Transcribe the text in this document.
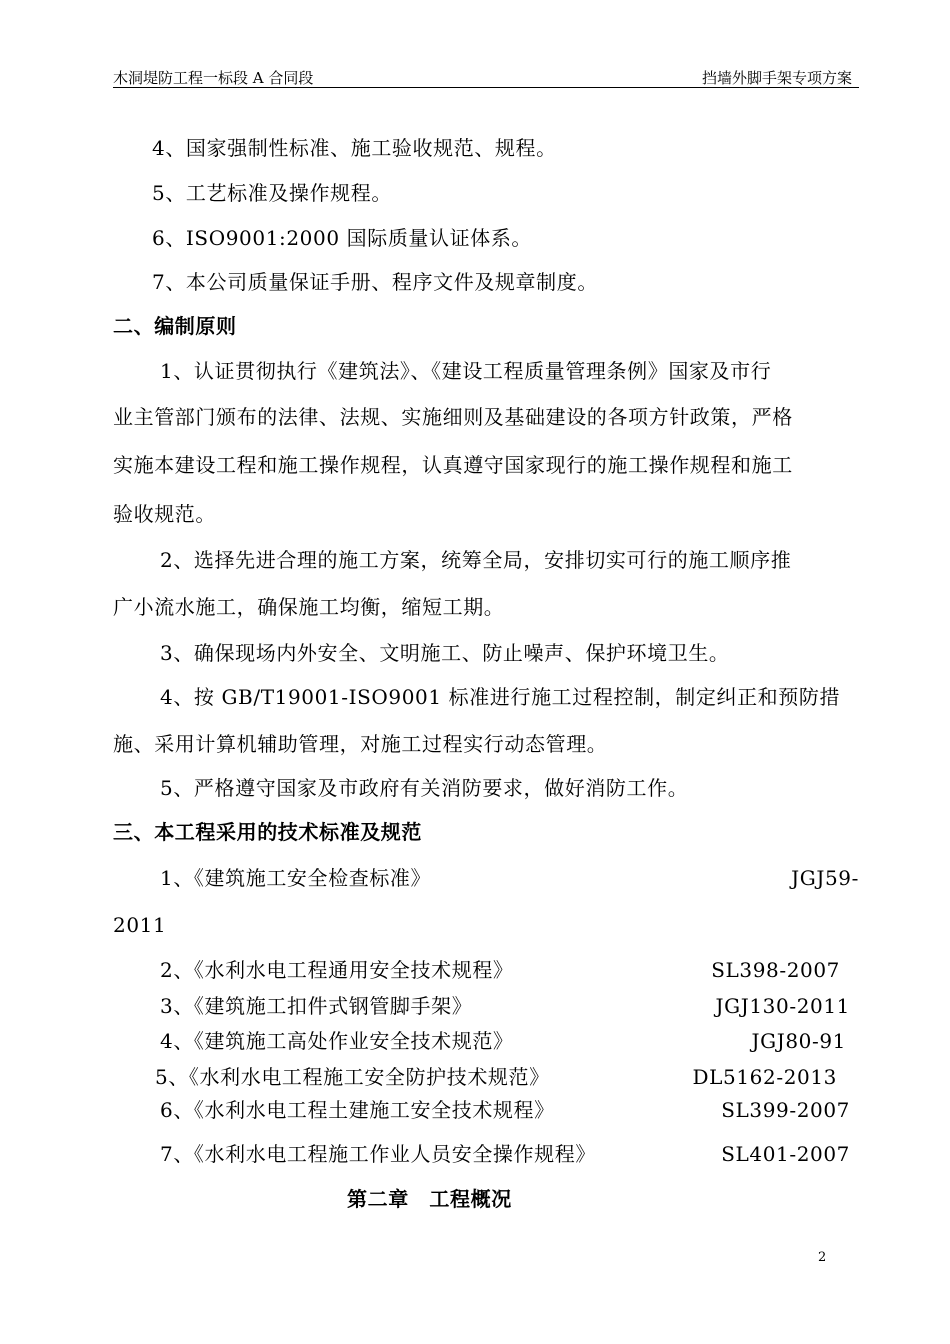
木洞堤防工程一标段 A 合同段	挡墙外脚手架专项方案
4、国家强制性标准、施工验收规范、规程。
5、工艺标准及操作规程。
6、ISO9001:2000 国际质量认证体系。
7、本公司质量保证手册、程序文件及规章制度。
二、编制原则
1、认证贯彻执行《建筑法》、《建设工程质量管理条例》国家及市行
业主管部门颁布的法律、法规、实施细则及基础建设的各项方针政策，严格
实施本建设工程和施工操作规程，认真遵守国家现行的施工操作规程和施工
验收规范。
2、选择先进合理的施工方案，统筹全局，安排切实可行的施工顺序推
广小流水施工，确保施工均衡，缩短工期。
3、确保现场内外安全、文明施工、防止噪声、保护环境卫生。
4、按 GB/T19001-ISO9001 标准进行施工过程控制，制定纠正和预防措
施、采用计算机辅助管理，对施工过程实行动态管理。
5、严格遵守国家及市政府有关消防要求，做好消防工作。
三、本工程采用的技术标准及规范
1、《建筑施工安全检查标准》	JGJ59-
2011
2、《水利水电工程通用安全技术规程》	SL398-2007
3、《建筑施工扣件式钢管脚手架》	JGJ130-2011
4、《建筑施工高处作业安全技术规范》	JGJ80-91
5、《水利水电工程施工安全防护技术规范》	DL5162-2013
6、《水利水电工程土建施工安全技术规程》	SL399-2007
7、《水利水电工程施工作业人员安全操作规程》	SL401-2007
第二章　工程概况
2
